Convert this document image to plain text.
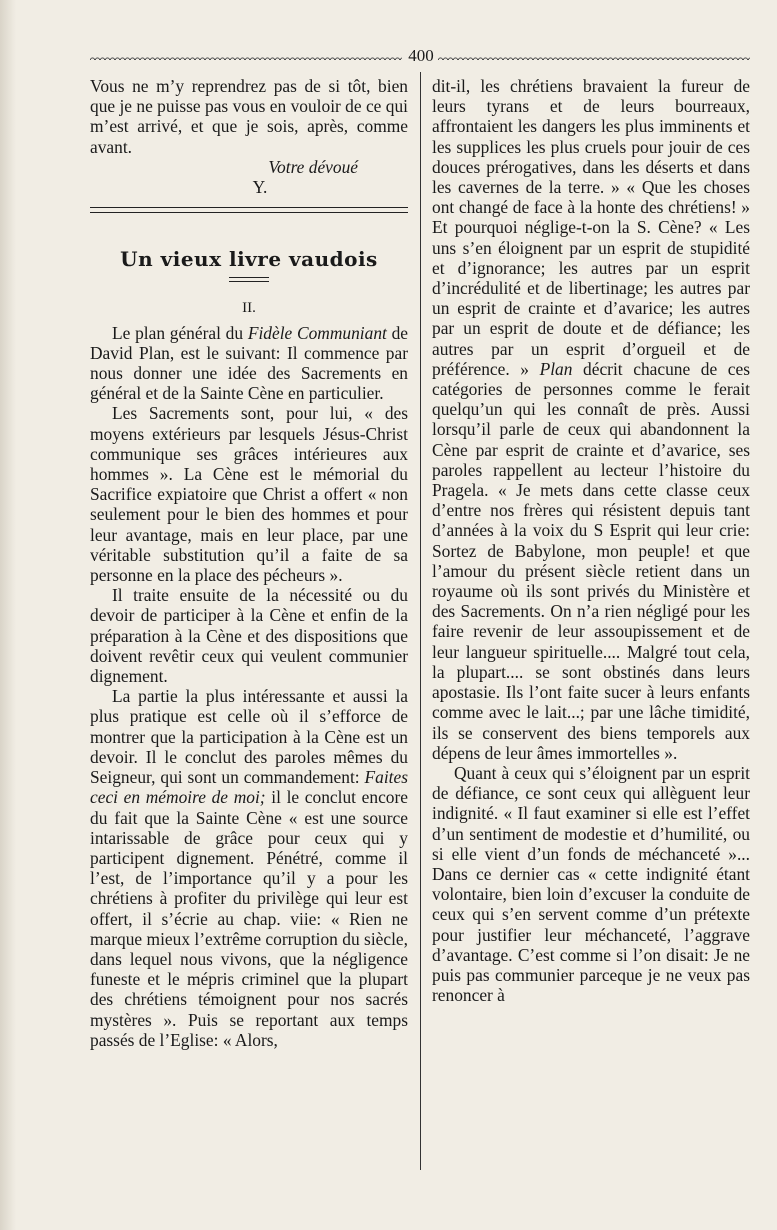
400

Vous ne m’y reprendrez pas de si tôt, bien que je ne puisse pas vous en vouloir de ce qui m’est arrivé, et que je sois, après, comme avant.

Votre dévoué

Y.

Un vieux livre vaudois
II.

Le plan général du Fidèle Communiant de David Plan, est le suivant: Il commence par nous donner une idée des Sacrements en général et de la Sainte Cène en particulier.

Les Sacrements sont, pour lui, « des moyens extérieurs par lesquels Jésus-Christ communique ses grâces intérieures aux hommes ». La Cène est le mémorial du Sacrifice expiatoire que Christ a offert « non seulement pour le bien des hommes et pour leur avantage, mais en leur place, par une véritable substitution qu’il a faite de sa personne en la place des pécheurs ».

Il traite ensuite de la nécessité ou du devoir de participer à la Cène et enfin de la préparation à la Cène et des dispositions que doivent revêtir ceux qui veulent communier dignement.

La partie la plus intéressante et aussi la plus pratique est celle où il s’efforce de montrer que la participation à la Cène est un devoir. Il le conclut des paroles mêmes du Seigneur, qui sont un commandement: Faites ceci en mémoire de moi; il le conclut encore du fait que la Sainte Cène « est une source intarissable de grâce pour ceux qui y participent dignement. Pénétré, comme il l’est, de l’importance qu’il y a pour les chrétiens à profiter du privilège qui leur est offert, il s’écrie au chap. viie: « Rien ne marque mieux l’extrême corruption du siècle, dans lequel nous vivons, que la négligence funeste et le mépris criminel que la plupart des chrétiens témoignent pour nos sacrés mystères ». Puis se reportant aux temps passés de l’Eglise: « Alors,

dit-il, les chrétiens bravaient la fureur de leurs tyrans et de leurs bourreaux, affrontaient les dangers les plus imminents et les supplices les plus cruels pour jouir de ces douces prérogatives, dans les déserts et dans les cavernes de la terre. » « Que les choses ont changé de face à la honte des chrétiens! » Et pourquoi néglige-t-on la S. Cène? « Les uns s’en éloignent par un esprit de stupidité et d’ignorance; les autres par un esprit d’incrédulité et de libertinage; les autres par un esprit de crainte et d’avarice; les autres par un esprit de doute et de défiance; les autres par un esprit d’orgueil et de préférence. » Plan décrit chacune de ces catégories de personnes comme le ferait quelqu’un qui les connaît de près. Aussi lorsqu’il parle de ceux qui abandonnent la Cène par esprit de crainte et d’avarice, ses paroles rappellent au lecteur l’histoire du Pragela. « Je mets dans cette classe ceux d’entre nos frères qui résistent depuis tant d’années à la voix du S Esprit qui leur crie: Sortez de Babylone, mon peuple! et que l’amour du présent siècle retient dans un royaume où ils sont privés du Ministère et des Sacrements. On n’a rien négligé pour les faire revenir de leur assoupissement et de leur langueur spirituelle.... Malgré tout cela, la plupart.... se sont obstinés dans leurs apostasie. Ils l’ont faite sucer à leurs enfants comme avec le lait...; par une lâche timidité, ils se conservent des biens temporels aux dépens de leur âmes immortelles ».

Quant à ceux qui s’éloignent par un esprit de défiance, ce sont ceux qui allèguent leur indignité. « Il faut examiner si elle est l’effet d’un sentiment de modestie et d’humilité, ou si elle vient d’un fonds de méchanceté »... Dans ce dernier cas « cette indignité étant volontaire, bien loin d’excuser la conduite de ceux qui s’en servent comme d’un prétexte pour justifier leur méchanceté, l’aggrave d’avantage. C’est comme si l’on disait: Je ne puis pas communier parceque je ne veux pas renoncer à
